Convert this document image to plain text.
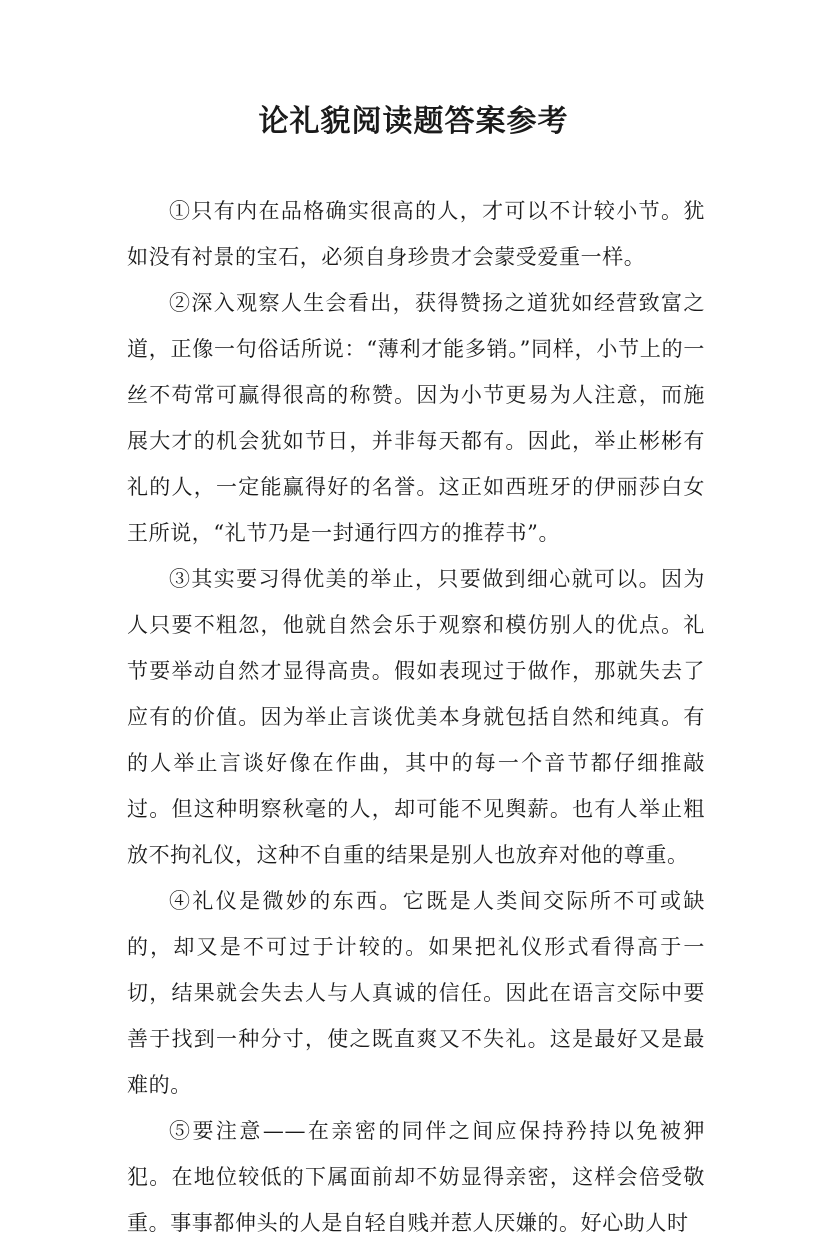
论礼貌阅读题答案参考

①只有内在品格确实很高的人，才可以不计较小节。犹如没有衬景的宝石，必须自身珍贵才会蒙受爱重一样。

②深入观察人生会看出，获得赞扬之道犹如经营致富之道，正像一句俗话所说：“薄利才能多销。”同样，小节上的一丝不苟常可赢得很高的称赞。因为小节更易为人注意，而施展大才的机会犹如节日，并非每天都有。因此，举止彬彬有礼的人，一定能赢得好的名誉。这正如西班牙的伊丽莎白女王所说，“礼节乃是一封通行四方的推荐书”。

③其实要习得优美的举止，只要做到细心就可以。因为人只要不粗忽，他就自然会乐于观察和模仿别人的优点。礼节要举动自然才显得高贵。假如表现过于做作，那就失去了应有的价值。因为举止言谈优美本身就包括自然和纯真。有的人举止言谈好像在作曲，其中的每一个音节都仔细推敲过。但这种明察秋毫的人，却可能不见舆薪。也有人举止粗放不拘礼仪，这种不自重的结果是别人也放弃对他的尊重。

④礼仪是微妙的东西。它既是人类间交际所不可或缺的，却又是不可过于计较的。如果把礼仪形式看得高于一切，结果就会失去人与人真诚的信任。因此在语言交际中要善于找到一种分寸，使之既直爽又不失礼。这是最好又是最难的。

⑤要注意——在亲密的同伴之间应保持矜持以免被狎犯。在地位较低的下属面前却不妨显得亲密，这样会倍受敬重。事事都伸头的人是自轻自贱并惹人厌嫌的。好心助人时
